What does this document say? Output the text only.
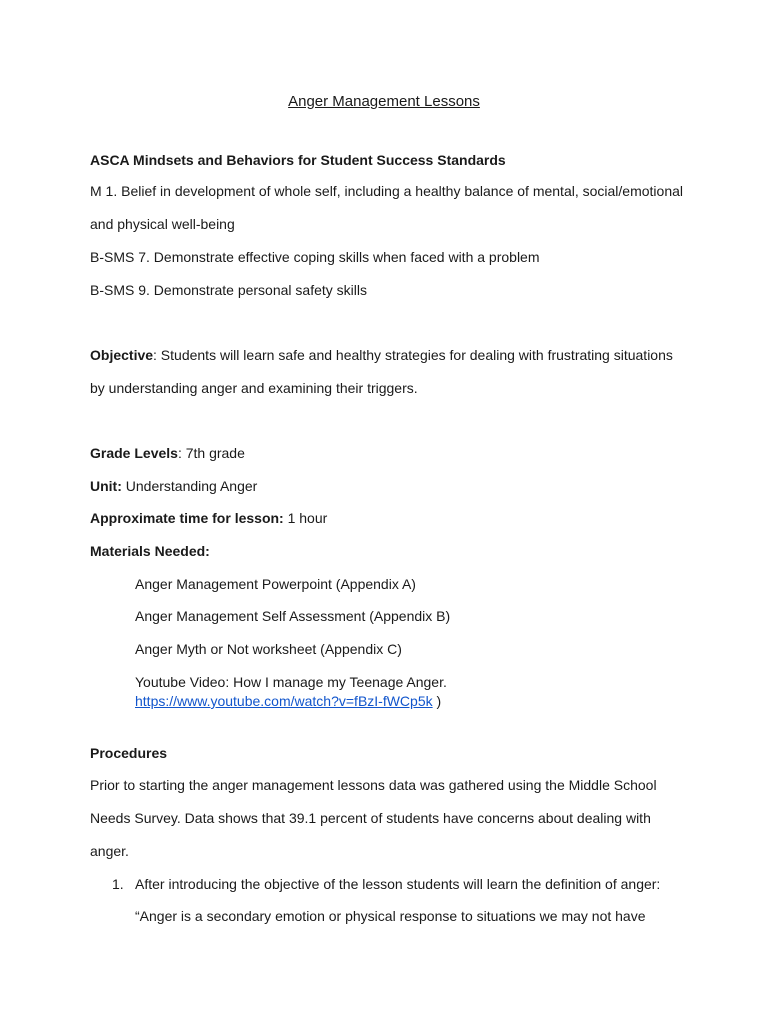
Anger Management Lessons
ASCA Mindsets and Behaviors for Student Success Standards
M 1. Belief in development of whole self, including a healthy balance of mental, social/emotional
and physical well-being
B-SMS 7. Demonstrate effective coping skills when faced with a problem
B-SMS 9. Demonstrate personal safety skills
Objective: Students will learn safe and healthy strategies for dealing with frustrating situations
by understanding anger and examining their triggers.
Grade Levels: 7th grade
Unit: Understanding Anger
Approximate time for lesson: 1 hour
Materials Needed:
Anger Management Powerpoint (Appendix A)
Anger Management Self Assessment (Appendix B)
Anger Myth or Not worksheet (Appendix C)
Youtube Video: How I manage my Teenage Anger.
https://www.youtube.com/watch?v=fBzI-fWCp5k )
Procedures
Prior to starting the anger management lessons data was gathered using the Middle School
Needs Survey. Data shows that 39.1 percent of students have concerns about dealing with
anger.
1. After introducing the objective of the lesson students will learn the definition of anger:
“Anger is a secondary emotion or physical response to situations we may not have
